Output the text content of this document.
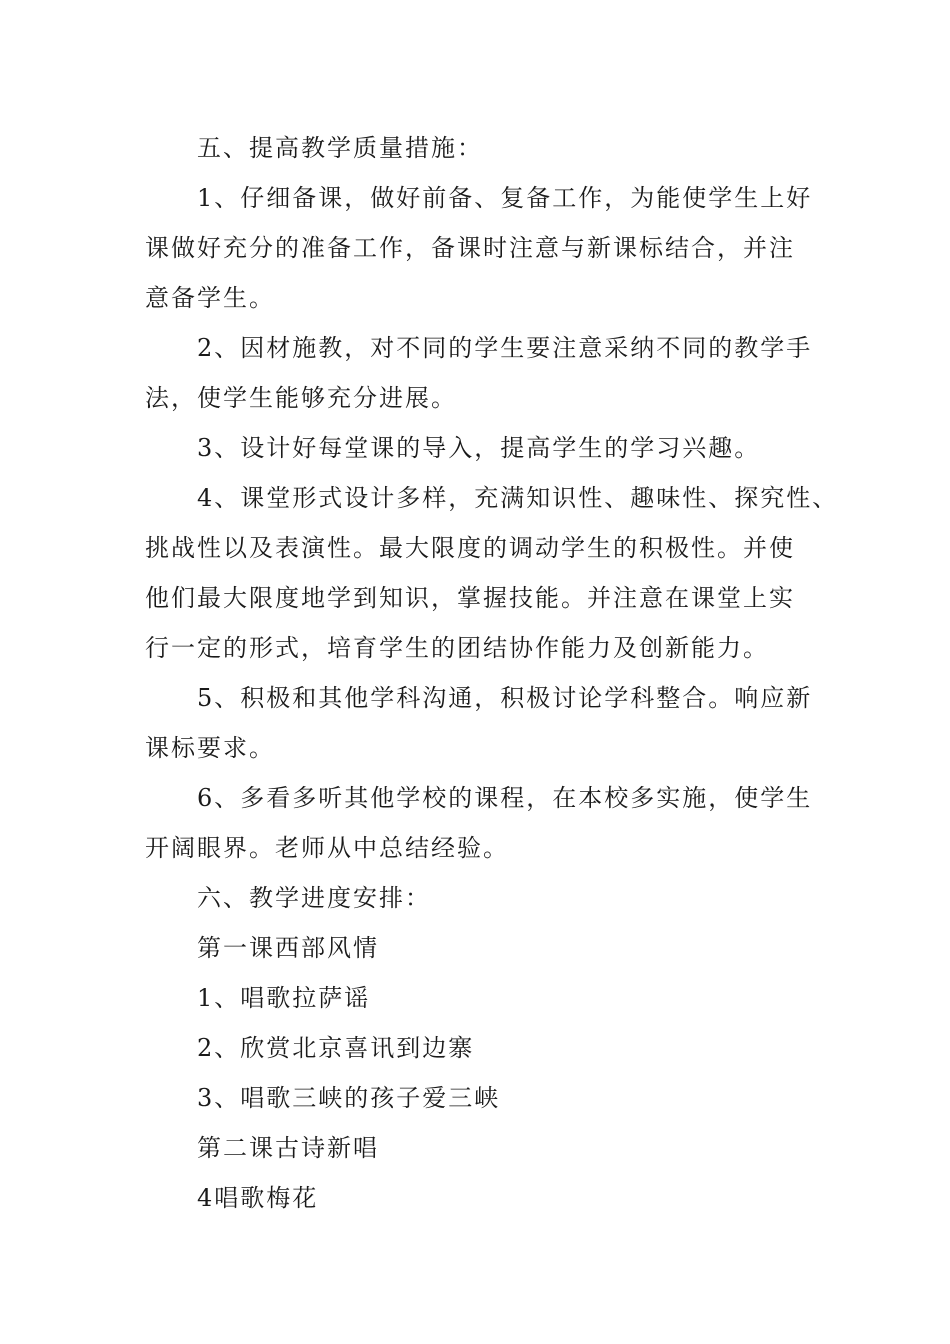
五、提高教学质量措施：

1、仔细备课，做好前备、复备工作，为能使学生上好
课做好充分的准备工作，备课时注意与新课标结合，并注
意备学生。

2、因材施教，对不同的学生要注意采纳不同的教学手
法，使学生能够充分进展。

3、设计好每堂课的导入，提高学生的学习兴趣。

4、课堂形式设计多样，充满知识性、趣味性、探究性、
挑战性以及表演性。最大限度的调动学生的积极性。并使
他们最大限度地学到知识，掌握技能。并注意在课堂上实
行一定的形式，培育学生的团结协作能力及创新能力。

5、积极和其他学科沟通，积极讨论学科整合。响应新
课标要求。

6、多看多听其他学校的课程，在本校多实施，使学生
开阔眼界。老师从中总结经验。

六、教学进度安排：

第一课西部风情

1、唱歌拉萨谣

2、欣赏北京喜讯到边寨

3、唱歌三峡的孩子爱三峡

第二课古诗新唱

4唱歌梅花
